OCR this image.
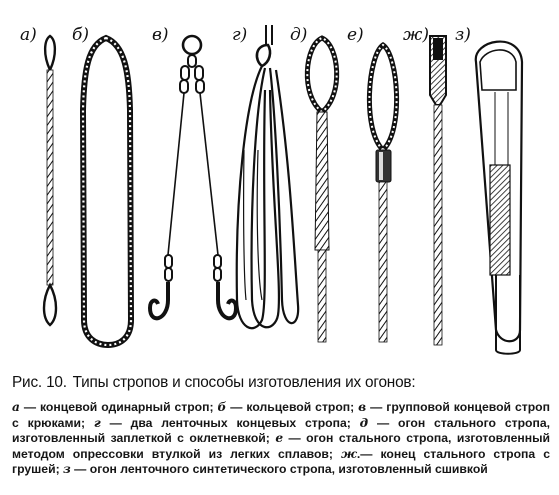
а) б)	в)	г)	д) е) ж) з)
Рис. 10. Типы стропов и способы изготовления их огонов:
а — концевой одинарный строп; б — кольцевой строп; в — групповой концевой строп с крюками; г — два ленточных концевых стропа; д — огон стального стропа, изготовленный заплеткой с оклетневкой; е — огон стального стропа, изготовленный методом опрессовки втулкой из легких сплавов; ж.— конец стального стропа с грушей; з — огон ленточного синтетического стропа, изготовленный сшивкой
